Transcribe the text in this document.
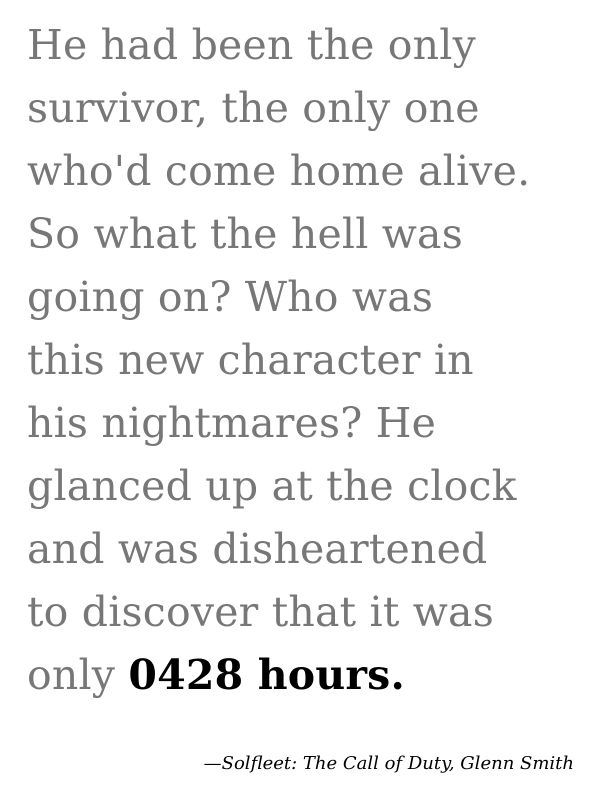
He had been the only
survivor, the only one
who'd come home alive.
So what the hell was
going on? Who was
this new character in
his nightmares? He
glanced up at the clock
and was disheartened
to discover that it was
only 0428 hours.

—Solfleet: The Call of Duty, Glenn Smith
